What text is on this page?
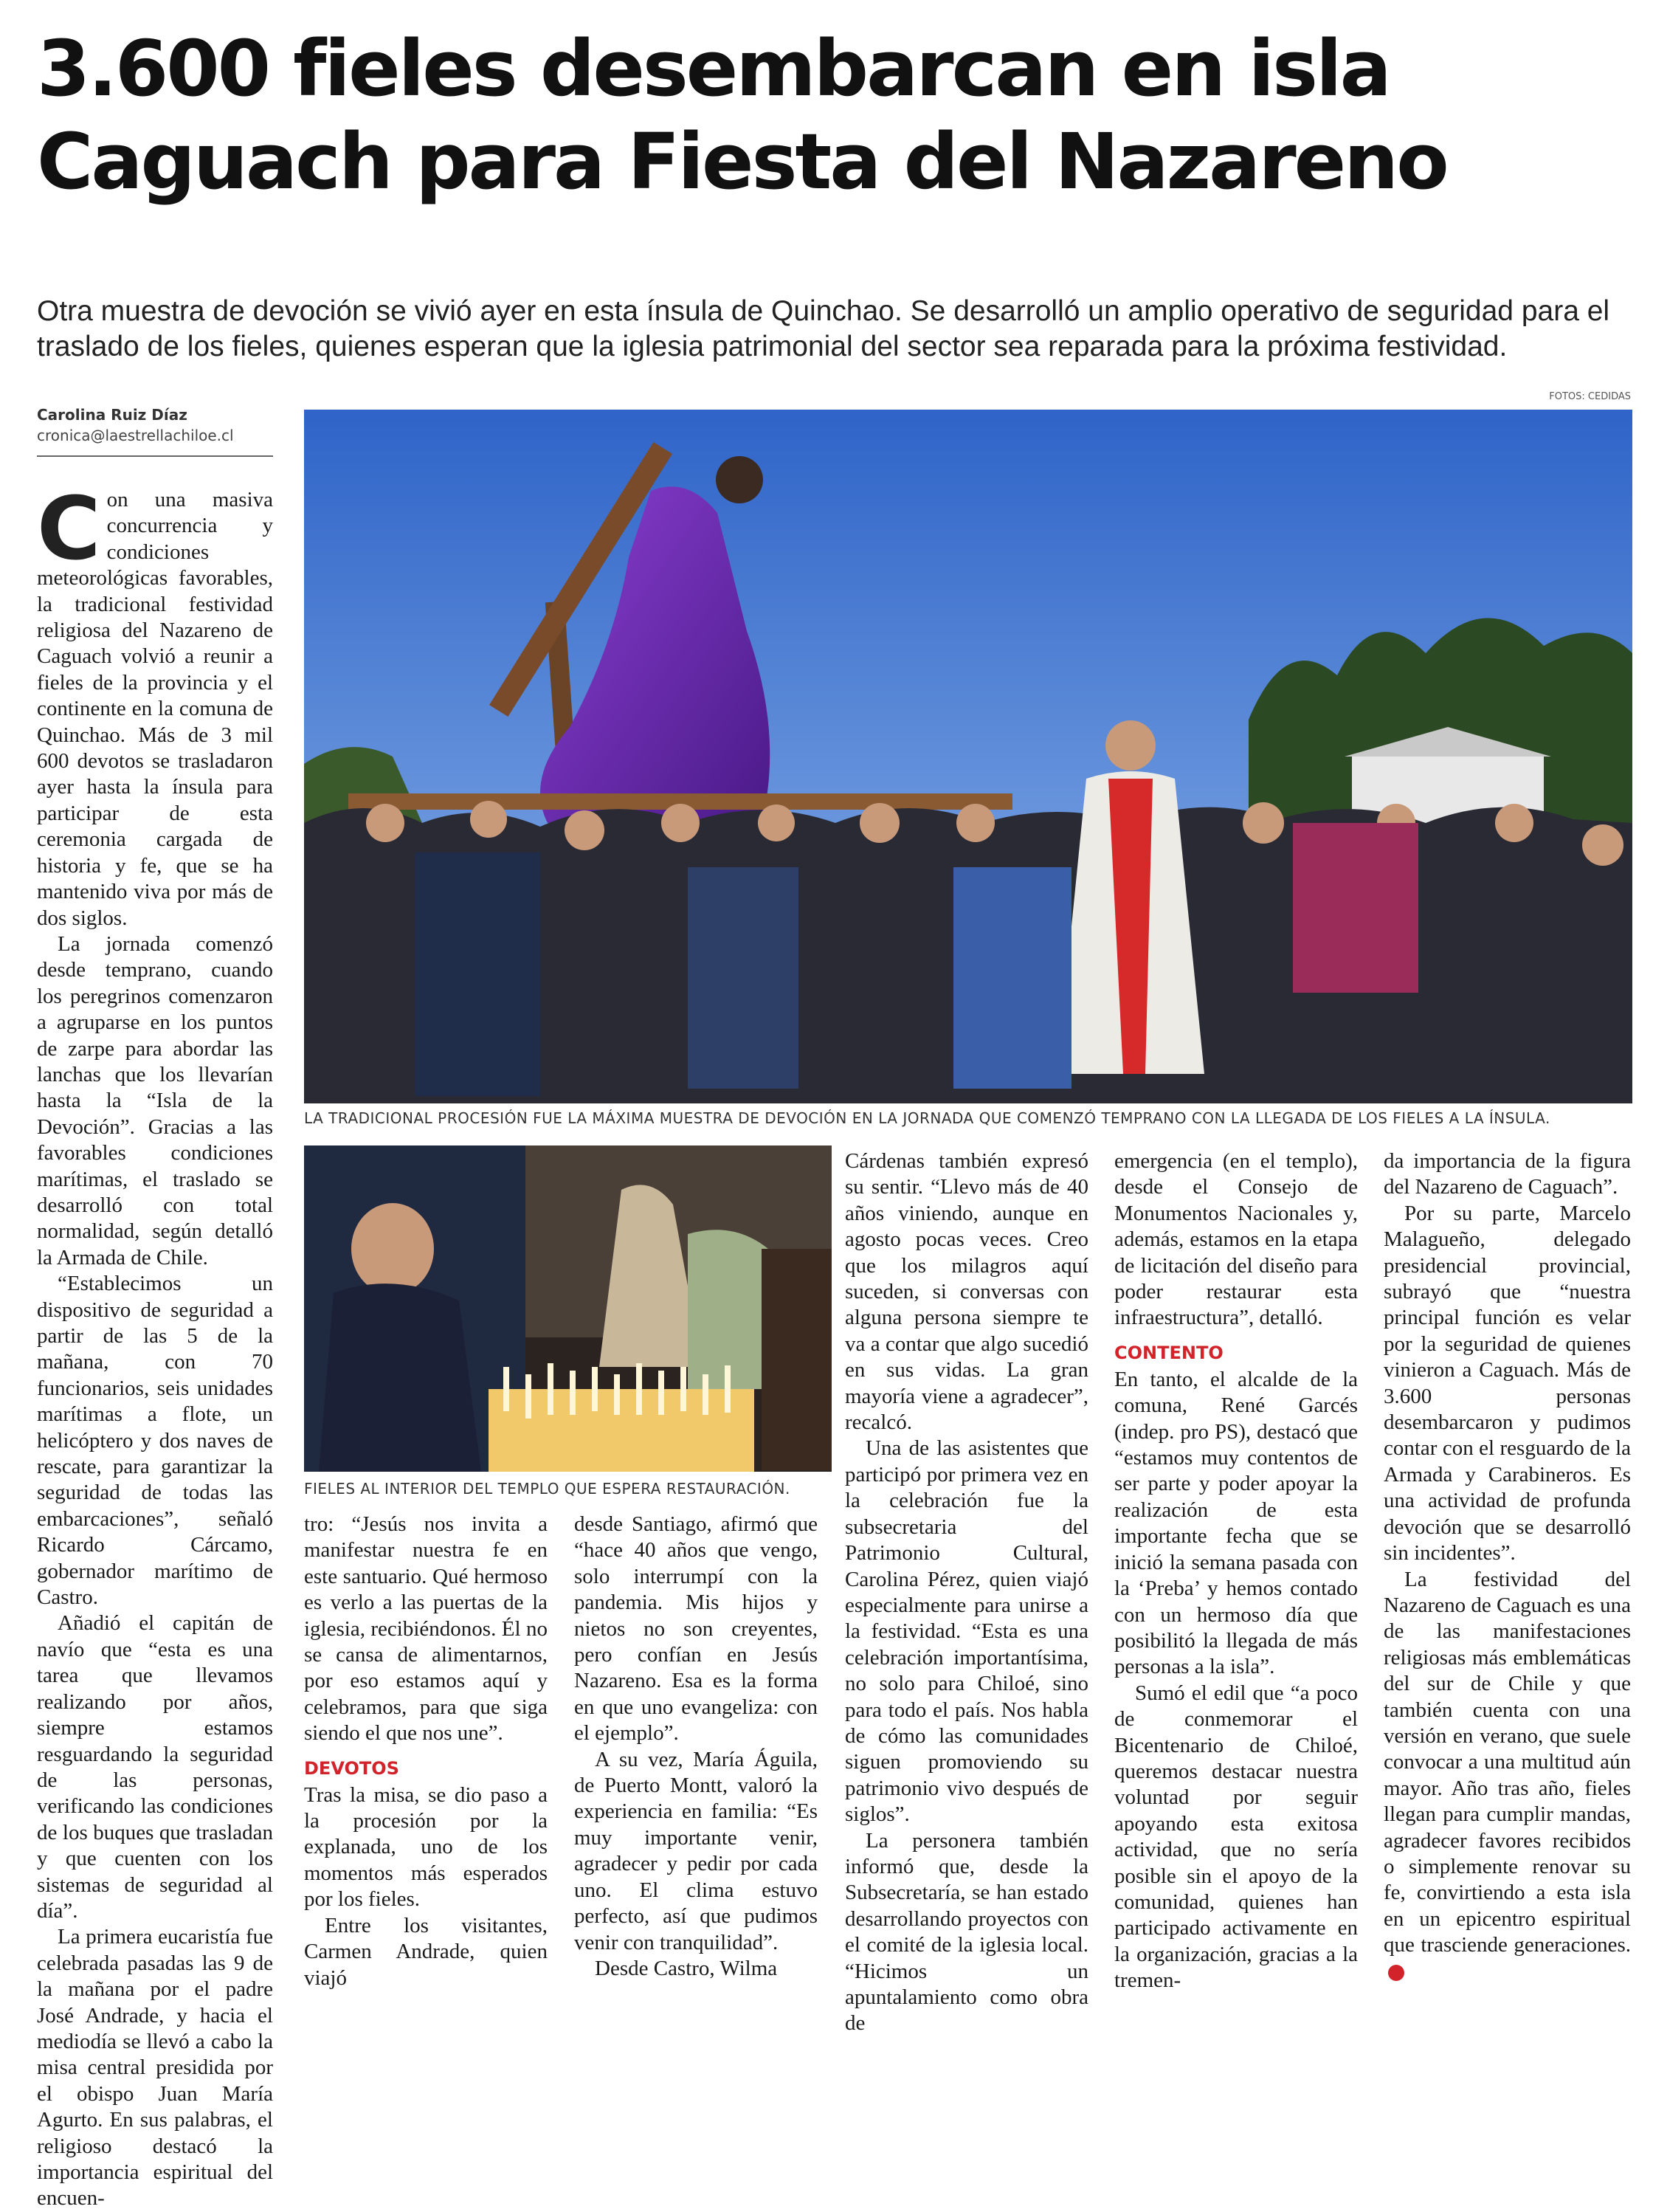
3.600 fieles desembarcan en isla Caguach para Fiesta del Nazareno

Otra muestra de devoción se vivió ayer en esta ínsula de Quinchao. Se desarrolló un amplio operativo de seguridad para el traslado de los fieles, quienes esperan que la iglesia patrimonial del sector sea reparada para la próxima festividad.

Carolina Ruiz Díaz
cronica@laestrellachiloe.cl
FOTOS: CEDIDAS
LA TRADICIONAL PROCESIÓN FUE LA MÁXIMA MUESTRA DE DEVOCIÓN EN LA JORNADA QUE COMENZÓ TEMPRANO CON LA LLEGADA DE LOS FIELES A LA ÍNSULA.
FIELES AL INTERIOR DEL TEMPLO QUE ESPERA RESTAURACIÓN.

Con una masiva concurrencia y condiciones meteorológicas favorables, la tradicional festividad religiosa del Nazareno de Caguach volvió a reunir a fieles de la provincia y el continente en la comuna de Quinchao. Más de 3 mil 600 devotos se trasladaron ayer hasta la ínsula para participar de esta ceremonia cargada de historia y fe, que se ha mantenido viva por más de dos siglos.

La jornada comenzó desde temprano, cuando los peregrinos comenzaron a agruparse en los puntos de zarpe para abordar las lanchas que los llevarían hasta la “Isla de la Devoción”. Gracias a las favorables condiciones marítimas, el traslado se desarrolló con total normalidad, según detalló la Armada de Chile.

“Establecimos un dispositivo de seguridad a partir de las 5 de la mañana, con 70 funcionarios, seis unidades marítimas a flote, un helicóptero y dos naves de rescate, para garantizar la seguridad de todas las embarcaciones”, señaló Ricardo Cárcamo, gobernador marítimo de Castro.

Añadió el capitán de navío que “esta es una tarea que llevamos realizando por años, siempre estamos resguardando la seguridad de las personas, verificando las condiciones de los buques que trasladan y que cuenten con los sistemas de seguridad al día”.

La primera eucaristía fue celebrada pasadas las 9 de la mañana por el padre José Andrade, y hacia el mediodía se llevó a cabo la misa central presidida por el obispo Juan María Agurto. En sus palabras, el religioso destacó la importancia espiritual del encuen-

tro: “Jesús nos invita a manifestar nuestra fe en este santuario. Qué hermoso es verlo a las puertas de la iglesia, recibiéndonos. Él no se cansa de alimentarnos, por eso estamos aquí y celebramos, para que siga siendo el que nos une”.

DEVOTOS

Tras la misa, se dio paso a la procesión por la explanada, uno de los momentos más esperados por los fieles.

Entre los visitantes, Carmen Andrade, quien viajó

desde Santiago, afirmó que “hace 40 años que vengo, solo interrumpí con la pandemia. Mis hijos y nietos no son creyentes, pero confían en Jesús Nazareno. Esa es la forma en que uno evangeliza: con el ejemplo”.

A su vez, María Águila, de Puerto Montt, valoró la experiencia en familia: “Es muy importante venir, agradecer y pedir por cada uno. El clima estuvo perfecto, así que pudimos venir con tranquilidad”.

Desde Castro, Wilma

Cárdenas también expresó su sentir. “Llevo más de 40 años viniendo, aunque en agosto pocas veces. Creo que los milagros aquí suceden, si conversas con alguna persona siempre te va a contar que algo sucedió en sus vidas. La gran mayoría viene a agradecer”, recalcó.

Una de las asistentes que participó por primera vez en la celebración fue la subsecretaria del Patrimonio Cultural, Carolina Pérez, quien viajó especialmente para unirse a la festividad. “Esta es una celebración importantísima, no solo para Chiloé, sino para todo el país. Nos habla de cómo las comunidades siguen promoviendo su patrimonio vivo después de siglos”.

La personera también informó que, desde la Subsecretaría, se han estado desarrollando proyectos con el comité de la iglesia local. “Hicimos un apuntalamiento como obra de

emergencia (en el templo), desde el Consejo de Monumentos Nacionales y, además, estamos en la etapa de licitación del diseño para poder restaurar esta infraestructura”, detalló.

CONTENTO

En tanto, el alcalde de la comuna, René Garcés (indep. pro PS), destacó que “estamos muy contentos de ser parte y poder apoyar la realización de esta importante fecha que se inició la semana pasada con la ‘Preba’ y hemos contado con un hermoso día que posibilitó la llegada de más personas a la isla”.

Sumó el edil que “a poco de conmemorar el Bicentenario de Chiloé, queremos destacar nuestra voluntad por seguir apoyando esta exitosa actividad, que no sería posible sin el apoyo de la comunidad, quienes han participado activamente en la organización, gracias a la tremen-

da importancia de la figura del Nazareno de Caguach”.

Por su parte, Marcelo Malagueño, delegado presidencial provincial, subrayó que “nuestra principal función es velar por la seguridad de quienes vinieron a Caguach. Más de 3.600 personas desembarcaron y pudimos contar con el resguardo de la Armada y Carabineros. Es una actividad de profunda devoción que se desarrolló sin incidentes”.

La festividad del Nazareno de Caguach es una de las manifestaciones religiosas más emblemáticas del sur de Chile y que también cuenta con una versión en verano, que suele convocar a una multitud aún mayor. Año tras año, fieles llegan para cumplir mandas, agradecer favores recibidos o simplemente renovar su fe, convirtiendo a esta isla en un epicentro espiritual que trasciende generaciones.✪
